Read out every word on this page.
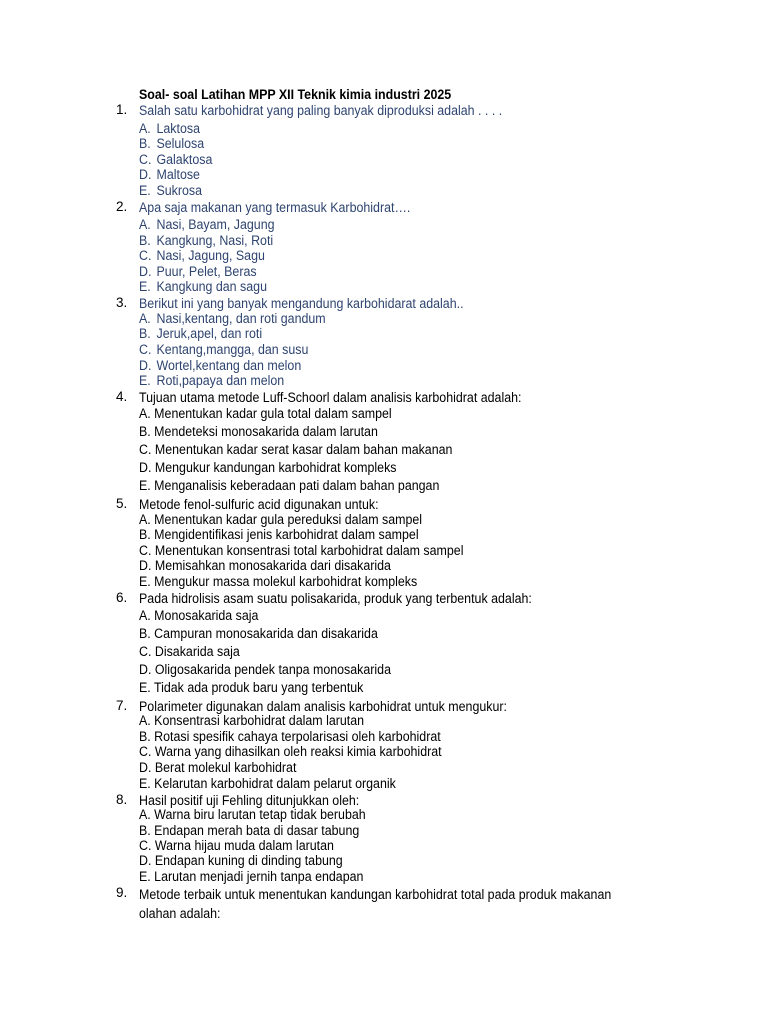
Soal- soal Latihan MPP XII Teknik kimia industri 2025
1. Salah satu karbohidrat yang paling banyak diproduksi adalah . . . .
A. Laktosa
B. Selulosa
C. Galaktosa
D. Maltose
E. Sukrosa
2. Apa saja makanan yang termasuk Karbohidrat….
A. Nasi, Bayam, Jagung
B. Kangkung, Nasi, Roti
C. Nasi, Jagung, Sagu
D. Puur, Pelet, Beras
E. Kangkung dan sagu
3. Berikut ini yang banyak mengandung karbohidarat adalah..
A. Nasi,kentang, dan roti gandum
B. Jeruk,apel, dan roti
C. Kentang,mangga, dan susu
D. Wortel,kentang dan melon
E. Roti,papaya dan melon
4. Tujuan utama metode Luff-Schoorl dalam analisis karbohidrat adalah:
A. Menentukan kadar gula total dalam sampel
B. Mendeteksi monosakarida dalam larutan
C. Menentukan kadar serat kasar dalam bahan makanan
D. Mengukur kandungan karbohidrat kompleks
E. Menganalisis keberadaan pati dalam bahan pangan
5. Metode fenol-sulfuric acid digunakan untuk:
A. Menentukan kadar gula pereduksi dalam sampel
B. Mengidentifikasi jenis karbohidrat dalam sampel
C. Menentukan konsentrasi total karbohidrat dalam sampel
D. Memisahkan monosakarida dari disakarida
E. Mengukur massa molekul karbohidrat kompleks
6. Pada hidrolisis asam suatu polisakarida, produk yang terbentuk adalah:
A. Monosakarida saja
B. Campuran monosakarida dan disakarida
C. Disakarida saja
D. Oligosakarida pendek tanpa monosakarida
E. Tidak ada produk baru yang terbentuk
7. Polarimeter digunakan dalam analisis karbohidrat untuk mengukur:
A. Konsentrasi karbohidrat dalam larutan
B. Rotasi spesifik cahaya terpolarisasi oleh karbohidrat
C. Warna yang dihasilkan oleh reaksi kimia karbohidrat
D. Berat molekul karbohidrat
E. Kelarutan karbohidrat dalam pelarut organik
8. Hasil positif uji Fehling ditunjukkan oleh:
A. Warna biru larutan tetap tidak berubah
B. Endapan merah bata di dasar tabung
C. Warna hijau muda dalam larutan
D. Endapan kuning di dinding tabung
E. Larutan menjadi jernih tanpa endapan
9. Metode terbaik untuk menentukan kandungan karbohidrat total pada produk makanan olahan adalah:
